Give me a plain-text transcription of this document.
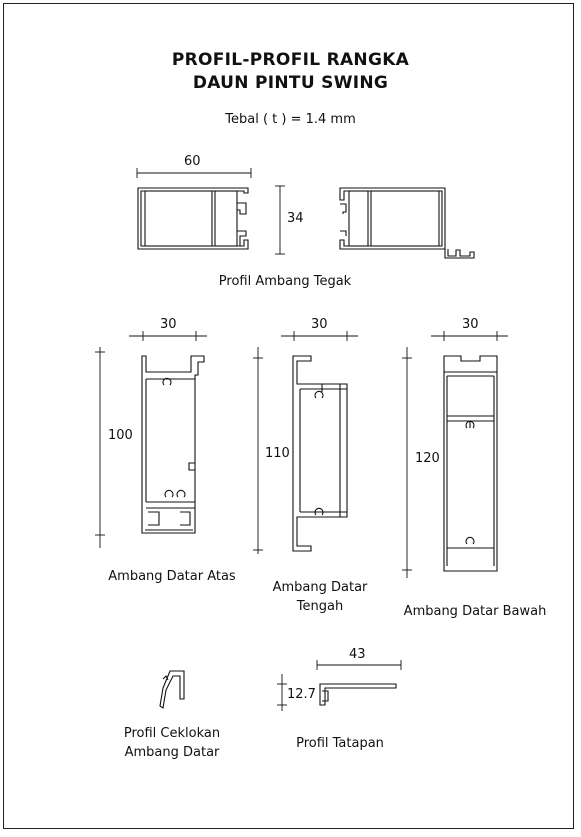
PROFIL-PROFIL RANGKA
DAUN PINTU SWING
Tebal ( t ) = 1.4 mm
60
34
30
100
30
110
30
120
43
12.7
Profil Ambang Tegak
Ambang Datar Atas
Ambang Datar
Tengah	Ambang Datar Bawah
Profil Ceklokan
Ambang Datar
Profil Tatapan
